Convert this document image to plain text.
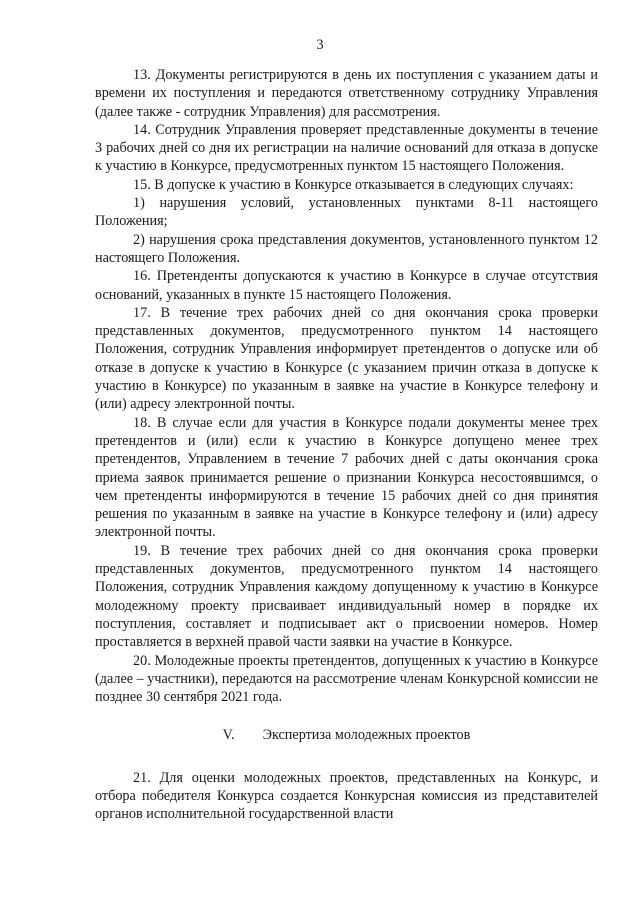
3

13. Документы регистрируются в день их поступления с указанием даты и времени их поступления и передаются ответственному сотруднику Управления (далее также - сотрудник Управления) для рассмотрения.

14. Сотрудник Управления проверяет представленные документы в течение 3 рабочих дней со дня их регистрации на наличие оснований для отказа в допуске к участию в Конкурсе, предусмотренных пунктом 15 настоящего Положения.

15. В допуске к участию в Конкурсе отказывается в следующих случаях:

1) нарушения условий, установленных пунктами 8-11 настоящего Положения;

2) нарушения срока представления документов, установленного пунктом 12 настоящего Положения.

16. Претенденты допускаются к участию в Конкурсе в случае отсутствия оснований, указанных в пункте 15 настоящего Положения.

17. В течение трех рабочих дней со дня окончания срока проверки представленных документов, предусмотренного пунктом 14 настоящего Положения, сотрудник Управления информирует претендентов о допуске или об отказе в допуске к участию в Конкурсе (с указанием причин отказа в допуске к участию в Конкурсе) по указанным в заявке на участие в Конкурсе телефону и (или) адресу электронной почты.

18. В случае если для участия в Конкурсе подали документы менее трех претендентов и (или) если к участию в Конкурсе допущено менее трех претендентов, Управлением в течение 7 рабочих дней с даты окончания срока приема заявок принимается решение о признании Конкурса несостоявшимся, о чем претенденты информируются в течение 15 рабочих дней со дня принятия решения по указанным в заявке на участие в Конкурсе телефону и (или) адресу электронной почты.

19. В течение трех рабочих дней со дня окончания срока проверки представленных документов, предусмотренного пунктом 14 настоящего Положения, сотрудник Управления каждому допущенному к участию в Конкурсе молодежному проекту присваивает индивидуальный номер в порядке их поступления, составляет и подписывает акт о присвоении номеров. Номер проставляется в верхней правой части заявки на участие в Конкурсе.

20. Молодежные проекты претендентов, допущенных к участию в Конкурсе (далее – участники), передаются на рассмотрение членам Конкурсной комиссии не позднее 30 сентября 2021 года.

V. Экспертиза молодежных проектов

21. Для оценки молодежных проектов, представленных на Конкурс, и отбора победителя Конкурса создается Конкурсная комиссия из представителей органов исполнительной государственной власти
